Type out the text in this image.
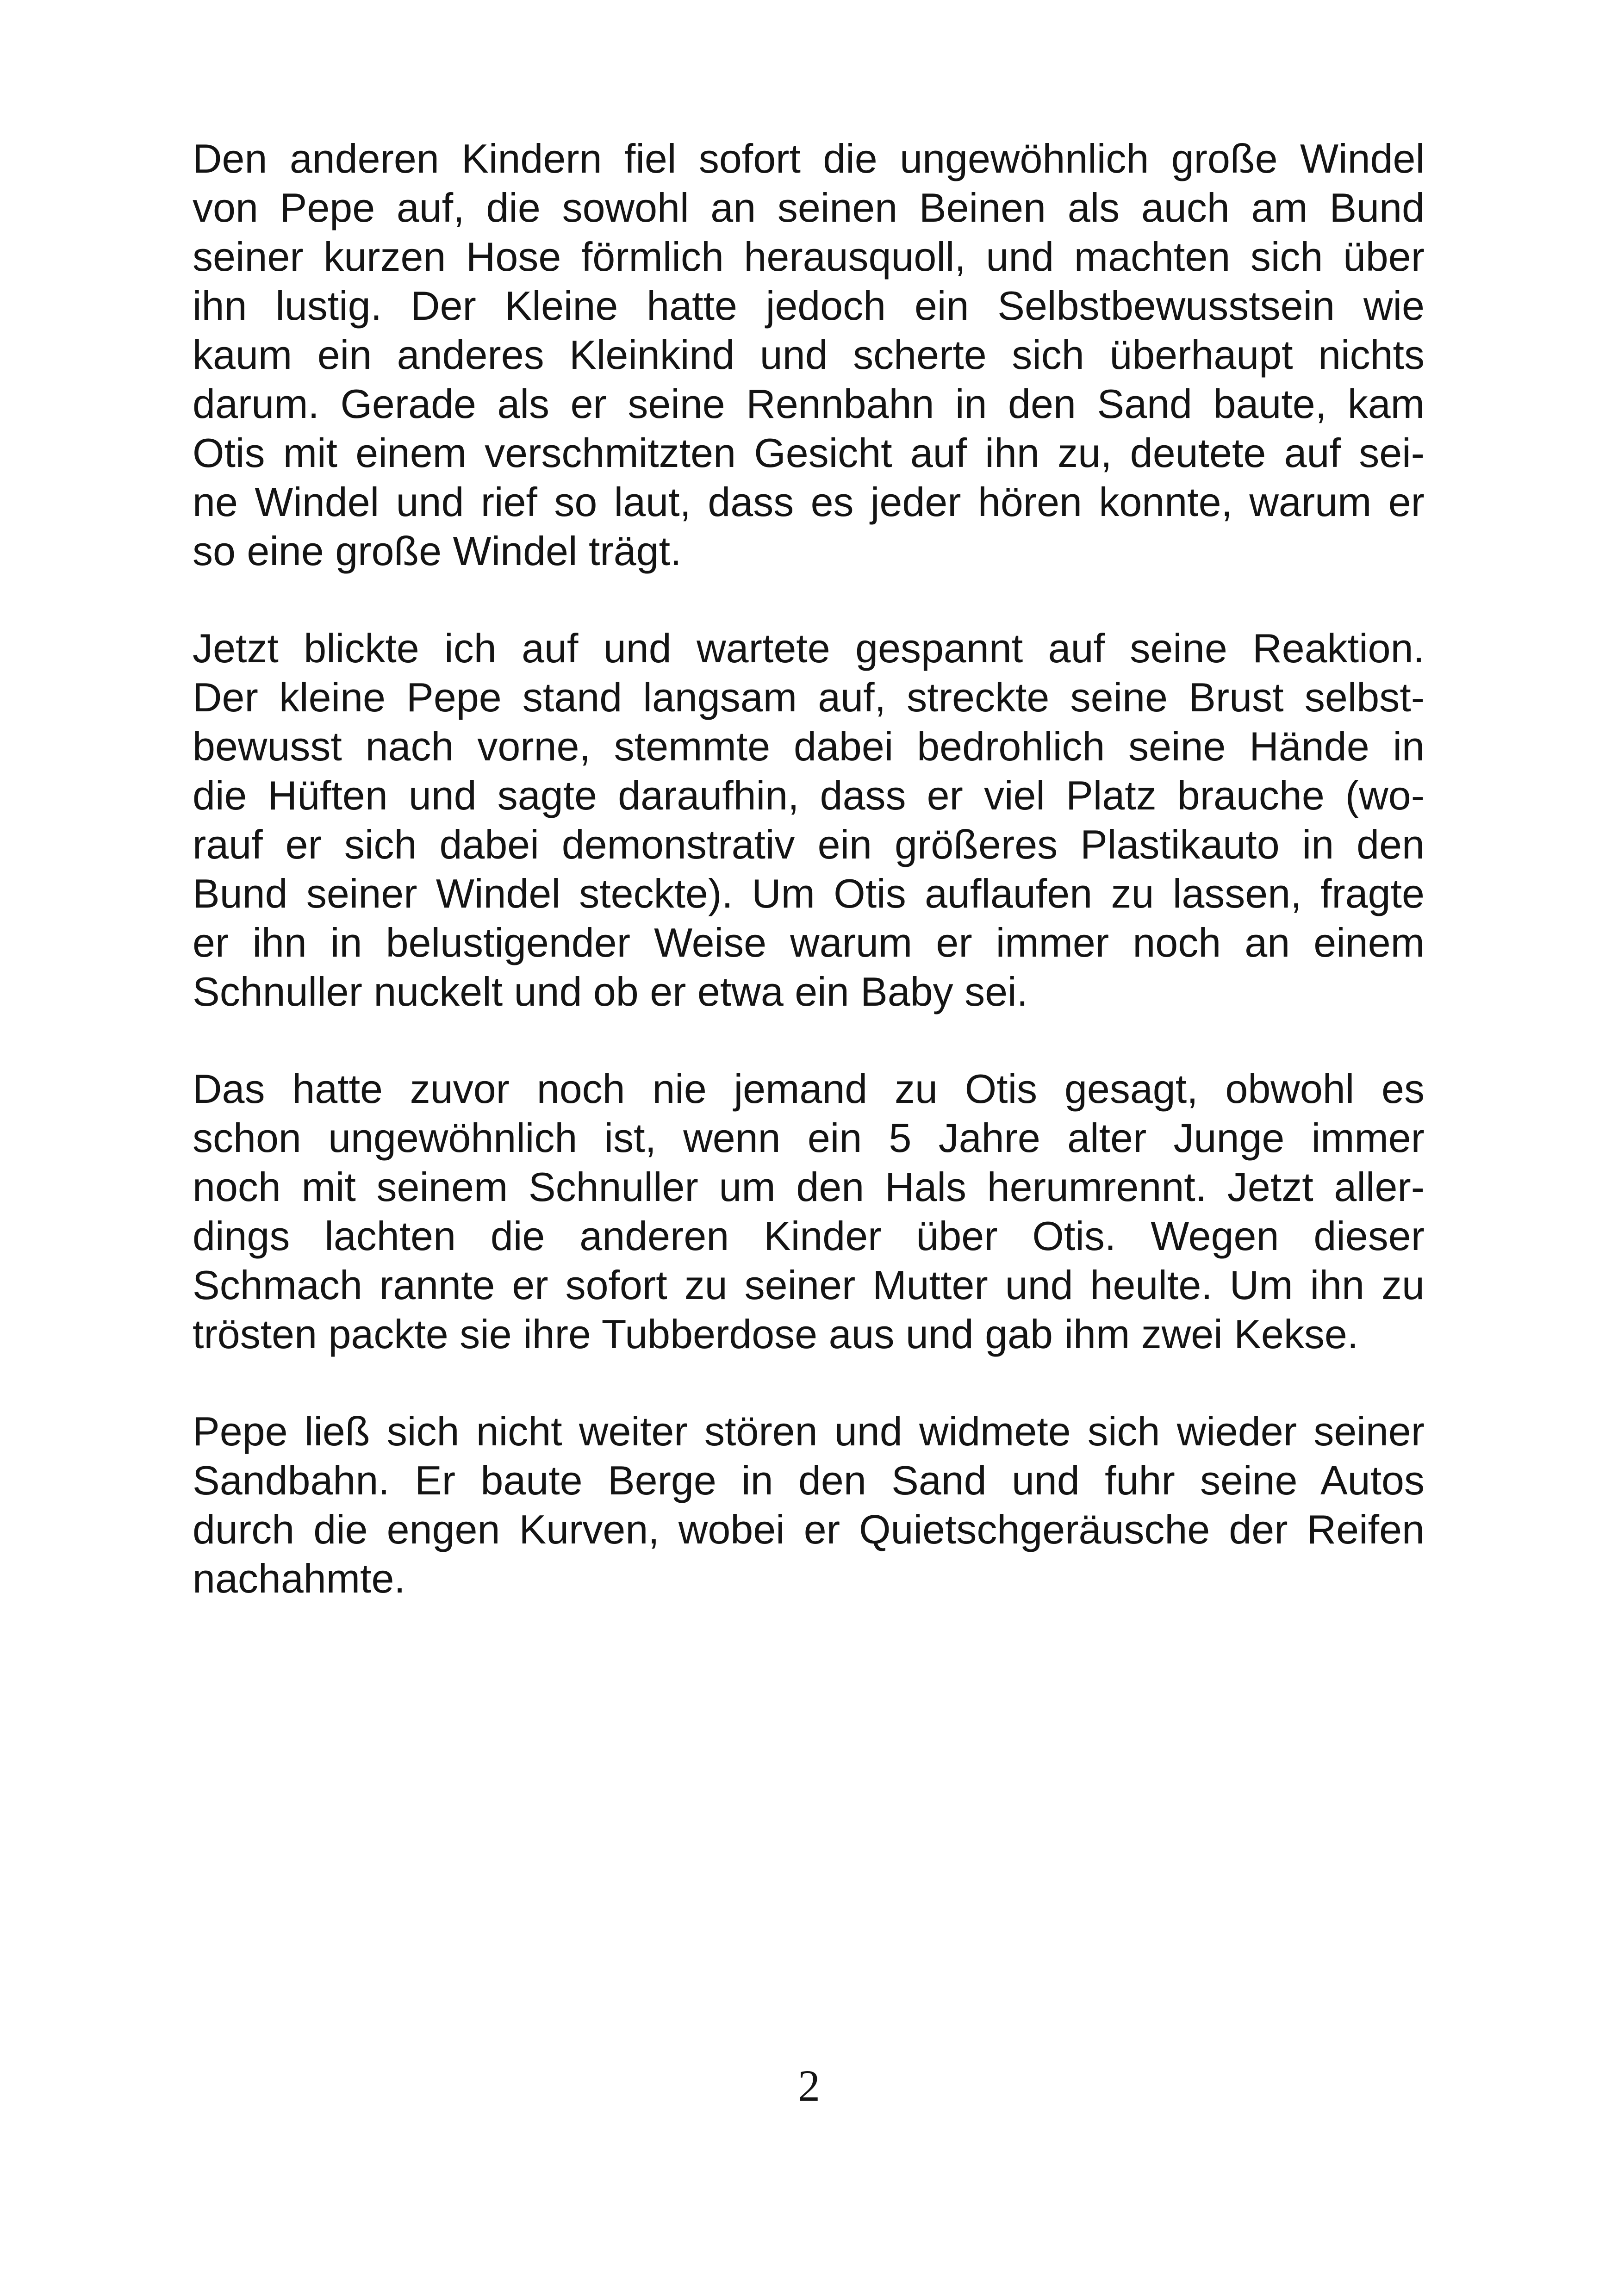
Den anderen Kindern fiel sofort die ungewöhnlich große Windel
von Pepe auf, die sowohl an seinen Beinen als auch am Bund
seiner kurzen Hose förmlich herausquoll, und machten sich über
ihn lustig. Der Kleine hatte jedoch ein Selbstbewusstsein wie
kaum ein anderes Kleinkind und scherte sich überhaupt nichts
darum. Gerade als er seine Rennbahn in den Sand baute, kam
Otis mit einem verschmitzten Gesicht auf ihn zu, deutete auf sei-
ne Windel und rief so laut, dass es jeder hören konnte, warum er
so eine große Windel trägt.
Jetzt blickte ich auf und wartete gespannt auf seine Reaktion.
Der kleine Pepe stand langsam auf, streckte seine Brust selbst-
bewusst nach vorne, stemmte dabei bedrohlich seine Hände in
die Hüften und sagte daraufhin, dass er viel Platz brauche (wo-
rauf er sich dabei demonstrativ ein größeres Plastikauto in den
Bund seiner Windel steckte). Um Otis auflaufen zu lassen, fragte
er ihn in belustigender Weise warum er immer noch an einem
Schnuller nuckelt und ob er etwa ein Baby sei.
Das hatte zuvor noch nie jemand zu Otis gesagt, obwohl es
schon ungewöhnlich ist, wenn ein 5 Jahre alter Junge immer
noch mit seinem Schnuller um den Hals herumrennt. Jetzt aller-
dings lachten die anderen Kinder über Otis. Wegen dieser
Schmach rannte er sofort zu seiner Mutter und heulte. Um ihn zu
trösten packte sie ihre Tubberdose aus und gab ihm zwei Kekse.
Pepe ließ sich nicht weiter stören und widmete sich wieder seiner
Sandbahn. Er baute Berge in den Sand und fuhr seine Autos
durch die engen Kurven, wobei er Quietschgeräusche der Reifen
nachahmte.
2
